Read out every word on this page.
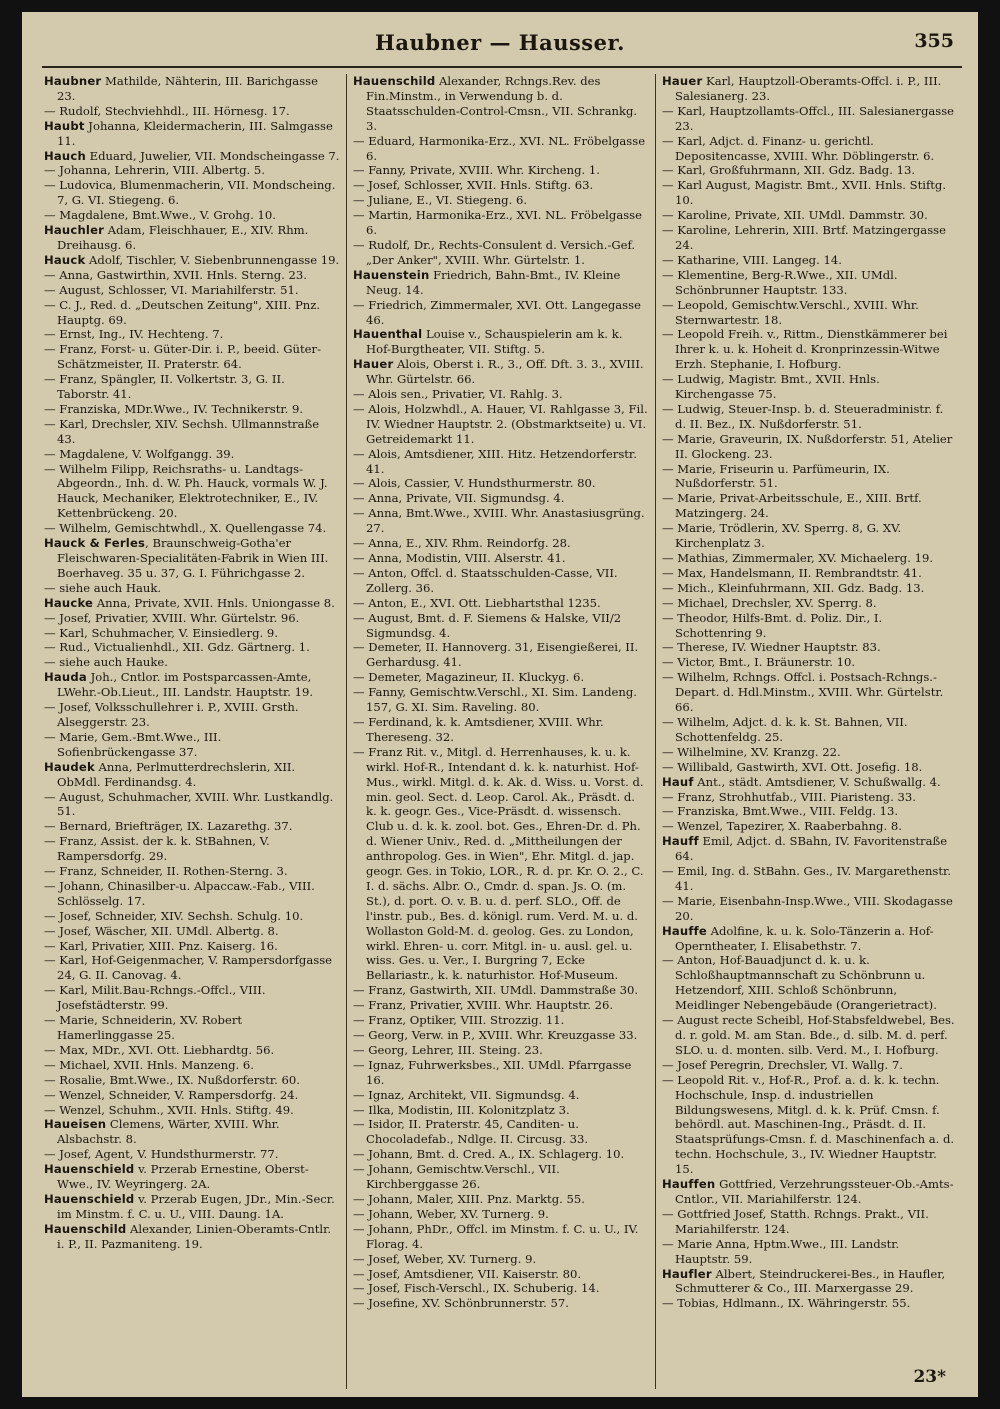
Haubner — Hausser.	355

Haubner Mathilde, Nähterin, III. Barichgasse 23.

— Rudolf, Stechviehhdl., III. Hörnesg. 17.

Haubt Johanna, Kleidermacherin, III. Salmgasse 11.

Hauch Eduard, Juwelier, VII. Mondscheingasse 7.

— Johanna, Lehrerin, VIII. Albertg. 5.

— Ludovica, Blumenmacherin, VII. Mondscheing. 7, G. VI. Stiegeng. 6.

— Magdalene, Bmt.Wwe., V. Grohg. 10.

Hauchler Adam, Fleischhauer, E., XIV. Rhm. Dreihausg. 6.

Hauck Adolf, Tischler, V. Siebenbrunnengasse 19.

— Anna, Gastwirthin, XVII. Hnls. Sterng. 23.

— August, Schlosser, VI. Mariahilferstr. 51.

— C. J., Red. d. „Deutschen Zeitung", XIII. Pnz. Hauptg. 69.

— Ernst, Ing., IV. Hechteng. 7.

— Franz, Forst- u. Güter-Dir. i. P., beeid. Güter-Schätzmeister, II. Praterstr. 64.

— Franz, Spängler, II. Volkertstr. 3, G. II. Taborstr. 41.

— Franziska, MDr.Wwe., IV. Technikerstr. 9.

— Karl, Drechsler, XIV. Sechsh. Ullmannstraße 43.

— Magdalene, V. Wolfgangg. 39.

— Wilhelm Filipp, Reichsraths- u. Landtags-Abgeordn., Inh. d. W. Ph. Hauck, vormals W. J. Hauck, Mechaniker, Elektrotechniker, E., IV. Kettenbrückeng. 20.

— Wilhelm, Gemischtwhdl., X. Quellengasse 74.

Hauck & Ferles, Braunschweig-Gotha'er Fleischwaren-Specialitäten-Fabrik in Wien III. Boerhaveg. 35 u. 37, G. I. Führichgasse 2.

— siehe auch Hauk.

Haucke Anna, Private, XVII. Hnls. Uniongasse 8.

— Josef, Privatier, XVIII. Whr. Gürtelstr. 96.

— Karl, Schuhmacher, V. Einsiedlerg. 9.

— Rud., Victualienhdl., XII. Gdz. Gärtnerg. 1.

— siehe auch Hauke.

Hauda Joh., Cntlor. im Postsparcassen-Amte, LWehr.-Ob.Lieut., III. Landstr. Hauptstr. 19.

— Josef, Volksschullehrer i. P., XVIII. Grsth. Alseggerstr. 23.

— Marie, Gem.-Bmt.Wwe., III. Sofienbrückengasse 37.

Haudek Anna, Perlmutterdrechslerin, XII. ObMdl. Ferdinandsg. 4.

— August, Schuhmacher, XVIII. Whr. Lustkandlg. 51.

— Bernard, Briefträger, IX. Lazarethg. 37.

— Franz, Assist. der k. k. StBahnen, V. Rampersdorfg. 29.

— Franz, Schneider, II. Rothen-Sterng. 3.

— Johann, Chinasilber-u. Alpaccaw.-Fab., VIII. Schlösselg. 17.

— Josef, Schneider, XIV. Sechsh. Schulg. 10.

— Josef, Wäscher, XII. UMdl. Albertg. 8.

— Karl, Privatier, XIII. Pnz. Kaiserg. 16.

— Karl, Hof-Geigenmacher, V. Rampersdorfgasse 24, G. II. Canovag. 4.

— Karl, Milit.Bau-Rchngs.-Offcl., VIII. Josefstädterstr. 99.

— Marie, Schneiderin, XV. Robert Hamerlinggasse 25.

— Max, MDr., XVI. Ott. Liebhardtg. 56.

— Michael, XVII. Hnls. Manzeng. 6.

— Rosalie, Bmt.Wwe., IX. Nußdorferstr. 60.

— Wenzel, Schneider, V. Rampersdorfg. 24.

— Wenzel, Schuhm., XVII. Hnls. Stiftg. 49.

Haueisen Clemens, Wärter, XVIII. Whr. Alsbachstr. 8.

— Josef, Agent, V. Hundsthurmerstr. 77.

Hauenschield v. Przerab Ernestine, Oberst-Wwe., IV. Weyringerg. 2A.

Hauenschield v. Przerab Eugen, JDr., Min.-Secr. im Minstm. f. C. u. U., VIII. Daung. 1A.

Hauenschild Alexander, Linien-Oberamts-Cntlr. i. P., II. Pazmaniteng. 19.

Hauenschild Alexander, Rchngs.Rev. des Fin.Minstm., in Verwendung b. d. Staatsschulden-Control-Cmsn., VII. Schrankg. 3.

— Eduard, Harmonika-Erz., XVI. NL. Fröbelgasse 6.

— Fanny, Private, XVIII. Whr. Kircheng. 1.

— Josef, Schlosser, XVII. Hnls. Stiftg. 63.

— Juliane, E., VI. Stiegeng. 6.

— Martin, Harmonika-Erz., XVI. NL. Fröbelgasse 6.

— Rudolf, Dr., Rechts-Consulent d. Versich.-Gef. „Der Anker", XVIII. Whr. Gürtelstr. 1.

Hauenstein Friedrich, Bahn-Bmt., IV. Kleine Neug. 14.

— Friedrich, Zimmermaler, XVI. Ott. Langegasse 46.

Hauenthal Louise v., Schauspielerin am k. k. Hof-Burgtheater, VII. Stiftg. 5.

Hauer Alois, Oberst i. R., 3., Off. Dft. 3. 3., XVIII. Whr. Gürtelstr. 66.

— Alois sen., Privatier, VI. Rahlg. 3.

— Alois, Holzwhdl., A. Hauer, VI. Rahlgasse 3, Fil. IV. Wiedner Hauptstr. 2. (Obstmarktseite) u. VI. Getreidemarkt 11.

— Alois, Amtsdiener, XIII. Hitz. Hetzendorferstr. 41.

— Alois, Cassier, V. Hundsthurmerstr. 80.

— Anna, Private, VII. Sigmundsg. 4.

— Anna, Bmt.Wwe., XVIII. Whr. Anastasiusgrüng. 27.

— Anna, E., XIV. Rhm. Reindorfg. 28.

— Anna, Modistin, VIII. Alserstr. 41.

— Anton, Offcl. d. Staatsschulden-Casse, VII. Zollerg. 36.

— Anton, E., XVI. Ott. Liebhartsthal 1235.

— August, Bmt. d. F. Siemens & Halske, VII/2 Sigmundsg. 4.

— Demeter, II. Hannoverg. 31, Eisengießerei, II. Gerhardusg. 41.

— Demeter, Magazineur, II. Kluckyg. 6.

— Fanny, Gemischtw.Verschl., XI. Sim. Landeng. 157, G. XI. Sim. Raveling. 80.

— Ferdinand, k. k. Amtsdiener, XVIII. Whr. Thereseng. 32.

— Franz Rit. v., Mitgl. d. Herrenhauses, k. u. k. wirkl. Hof-R., Intendant d. k. k. naturhist. Hof-Mus., wirkl. Mitgl. d. k. Ak. d. Wiss. u. Vorst. d. min. geol. Sect. d. Leop. Carol. Ak., Präsdt. d. k. k. geogr. Ges., Vice-Präsdt. d. wissensch. Club u. d. k. k. zool. bot. Ges., Ehren-Dr. d. Ph. d. Wiener Univ., Red. d. „Mittheilungen der anthropolog. Ges. in Wien", Ehr. Mitgl. d. jap. geogr. Ges. in Tokio, LOR., R. d. pr. Kr. O. 2., C. I. d. sächs. Albr. O., Cmdr. d. span. Js. O. (m. St.), d. port. O. v. B. u. d. perf. SLO., Off. de l'instr. pub., Bes. d. königl. rum. Verd. M. u. d. Wollaston Gold-M. d. geolog. Ges. zu London, wirkl. Ehren- u. corr. Mitgl. in- u. ausl. gel. u. wiss. Ges. u. Ver., I. Burgring 7, Ecke Bellariastr., k. k. naturhistor. Hof-Museum.

— Franz, Gastwirth, XII. UMdl. Dammstraße 30.

— Franz, Privatier, XVIII. Whr. Hauptstr. 26.

— Franz, Optiker, VIII. Strozzig. 11.

— Georg, Verw. in P., XVIII. Whr. Kreuzgasse 33.

— Georg, Lehrer, III. Steing. 23.

— Ignaz, Fuhrwerksbes., XII. UMdl. Pfarrgasse 16.

— Ignaz, Architekt, VII. Sigmundsg. 4.

— Ilka, Modistin, III. Kolonitzplatz 3.

— Isidor, II. Praterstr. 45, Canditen- u. Chocoladefab., Ndlge. II. Circusg. 33.

— Johann, Bmt. d. Cred. A., IX. Schlagerg. 10.

— Johann, Gemischtw.Verschl., VII. Kirchberggasse 26.

— Johann, Maler, XIII. Pnz. Marktg. 55.

— Johann, Weber, XV. Turnerg. 9.

— Johann, PhDr., Offcl. im Minstm. f. C. u. U., IV. Florag. 4.

— Josef, Weber, XV. Turnerg. 9.

— Josef, Amtsdiener, VII. Kaiserstr. 80.

— Josef, Fisch-Verschl., IX. Schuberig. 14.

— Josefine, XV. Schönbrunnerstr. 57.

Hauer Karl, Hauptzoll-Oberamts-Offcl. i. P., III. Salesianerg. 23.

— Karl, Hauptzollamts-Offcl., III. Salesianergasse 23.

— Karl, Adjct. d. Finanz- u. gerichtl. Depositencasse, XVIII. Whr. Döblingerstr. 6.

— Karl, Großfuhrmann, XII. Gdz. Badg. 13.

— Karl August, Magistr. Bmt., XVII. Hnls. Stiftg. 10.

— Karoline, Private, XII. UMdl. Dammstr. 30.

— Karoline, Lehrerin, XIII. Brtf. Matzingergasse 24.

— Katharine, VIII. Langeg. 14.

— Klementine, Berg-R.Wwe., XII. UMdl. Schönbrunner Hauptstr. 133.

— Leopold, Gemischtw.Verschl., XVIII. Whr. Sternwartestr. 18.

— Leopold Freih. v., Rittm., Dienstkämmerer bei Ihrer k. u. k. Hoheit d. Kronprinzessin-Witwe Erzh. Stephanie, I. Hofburg.

— Ludwig, Magistr. Bmt., XVII. Hnls. Kirchengasse 75.

— Ludwig, Steuer-Insp. b. d. Steueradministr. f. d. II. Bez., IX. Nußdorferstr. 51.

— Marie, Graveurin, IX. Nußdorferstr. 51, Atelier II. Glockeng. 23.

— Marie, Friseurin u. Parfümeurin, IX. Nußdorferstr. 51.

— Marie, Privat-Arbeitsschule, E., XIII. Brtf. Matzingerg. 24.

— Marie, Trödlerin, XV. Sperrg. 8, G. XV. Kirchenplatz 3.

— Mathias, Zimmermaler, XV. Michaelerg. 19.

— Max, Handelsmann, II. Rembrandtstr. 41.

— Mich., Kleinfuhrmann, XII. Gdz. Badg. 13.

— Michael, Drechsler, XV. Sperrg. 8.

— Theodor, Hilfs-Bmt. d. Poliz. Dir., I. Schottenring 9.

— Therese, IV. Wiedner Hauptstr. 83.

— Victor, Bmt., I. Bräunerstr. 10.

— Wilhelm, Rchngs. Offcl. i. Postsach-Rchngs.-Depart. d. Hdl.Minstm., XVIII. Whr. Gürtelstr. 66.

— Wilhelm, Adjct. d. k. k. St. Bahnen, VII. Schottenfeldg. 25.

— Wilhelmine, XV. Kranzg. 22.

— Willibald, Gastwirth, XVI. Ott. Josefig. 18.

Hauf Ant., städt. Amtsdiener, V. Schußwallg. 4.

— Franz, Strohhutfab., VIII. Piaristeng. 33.

— Franziska, Bmt.Wwe., VIII. Feldg. 13.

— Wenzel, Tapezirer, X. Raaberbahng. 8.

Hauff Emil, Adjct. d. SBahn, IV. Favoritenstraße 64.

— Emil, Ing. d. StBahn. Ges., IV. Margarethenstr. 41.

— Marie, Eisenbahn-Insp.Wwe., VIII. Skodagasse 20.

Hauffe Adolfine, k. u. k. Solo-Tänzerin a. Hof-Operntheater, I. Elisabethstr. 7.

— Anton, Hof-Bauadjunct d. k. u. k. Schloßhauptmannschaft zu Schönbrunn u. Hetzendorf, XIII. Schloß Schönbrunn, Meidlinger Nebengebäude (Orangerietract).

— August recte Scheibl, Hof-Stabsfeldwebel, Bes. d. r. gold. M. am Stan. Bde., d. silb. M. d. perf. SLO. u. d. monten. silb. Verd. M., I. Hofburg.

— Josef Peregrin, Drechsler, VI. Wallg. 7.

— Leopold Rit. v., Hof-R., Prof. a. d. k. k. techn. Hochschule, Insp. d. industriellen Bildungswesens, Mitgl. d. k. k. Prüf. Cmsn. f. behördl. aut. Maschinen-Ing., Präsdt. d. II. Staatsprüfungs-Cmsn. f. d. Maschinenfach a. d. techn. Hochschule, 3., IV. Wiedner Hauptstr. 15.

Hauffen Gottfried, Verzehrungssteuer-Ob.-Amts-Cntlor., VII. Mariahilferstr. 124.

— Gottfried Josef, Statth. Rchngs. Prakt., VII. Mariahilferstr. 124.

— Marie Anna, Hptm.Wwe., III. Landstr. Hauptstr. 59.

Haufler Albert, Steindruckerei-Bes., in Haufler, Schmutterer & Co., III. Marxergasse 29.

— Tobias, Hdlmann., IX. Währingerstr. 55.

23*
